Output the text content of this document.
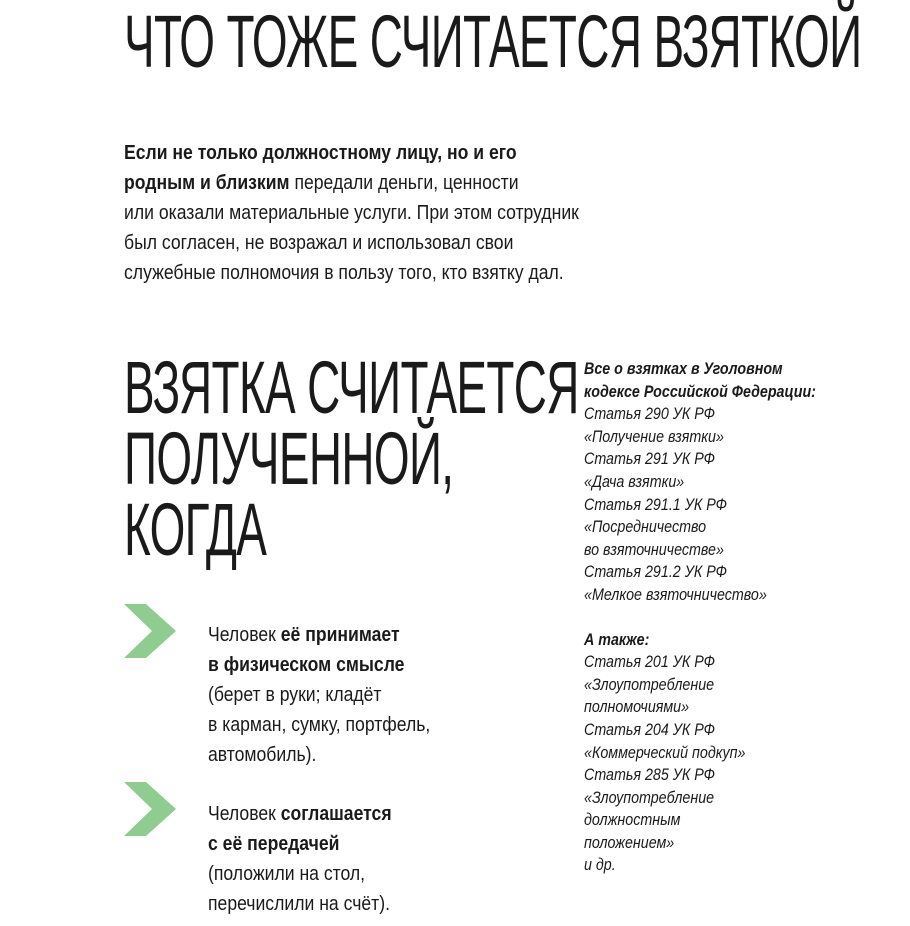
ЧТО ТОЖЕ СЧИТАЕТСЯ ВЗЯТКОЙ
Если не только должностному лицу, но и его
родным и близким передали деньги, ценности
или оказали материальные услуги. При этом сотрудник
был согласен, не возражал и использовал свои
служебные полномочия в пользу того, кто взятку дал.
ВЗЯТКА СЧИТАЕТСЯ
ПОЛУЧЕННОЙ,
КОГДА
Человек её принимает
в физическом смысле
(берет в руки; кладёт
в карман, сумку, портфель,
автомобиль).
Человек соглашается
с её передачей
(положили на стол,
перечислили на счёт).
Все о взятках в Уголовном
кодексе Российской Федерации:
Статья 290 УК РФ
«Получение взятки»
Статья 291 УК РФ
«Дача взятки»
Статья 291.1 УК РФ
«Посредничество
во взяточничестве»
Статья 291.2 УК РФ
«Мелкое взяточничество»
А также:
Статья 201 УК РФ
«Злоупотребление
полномочиями»
Статья 204 УК РФ
«Коммерческий подкуп»
Статья 285 УК РФ
«Злоупотребление
должностным
положением»
и др.
